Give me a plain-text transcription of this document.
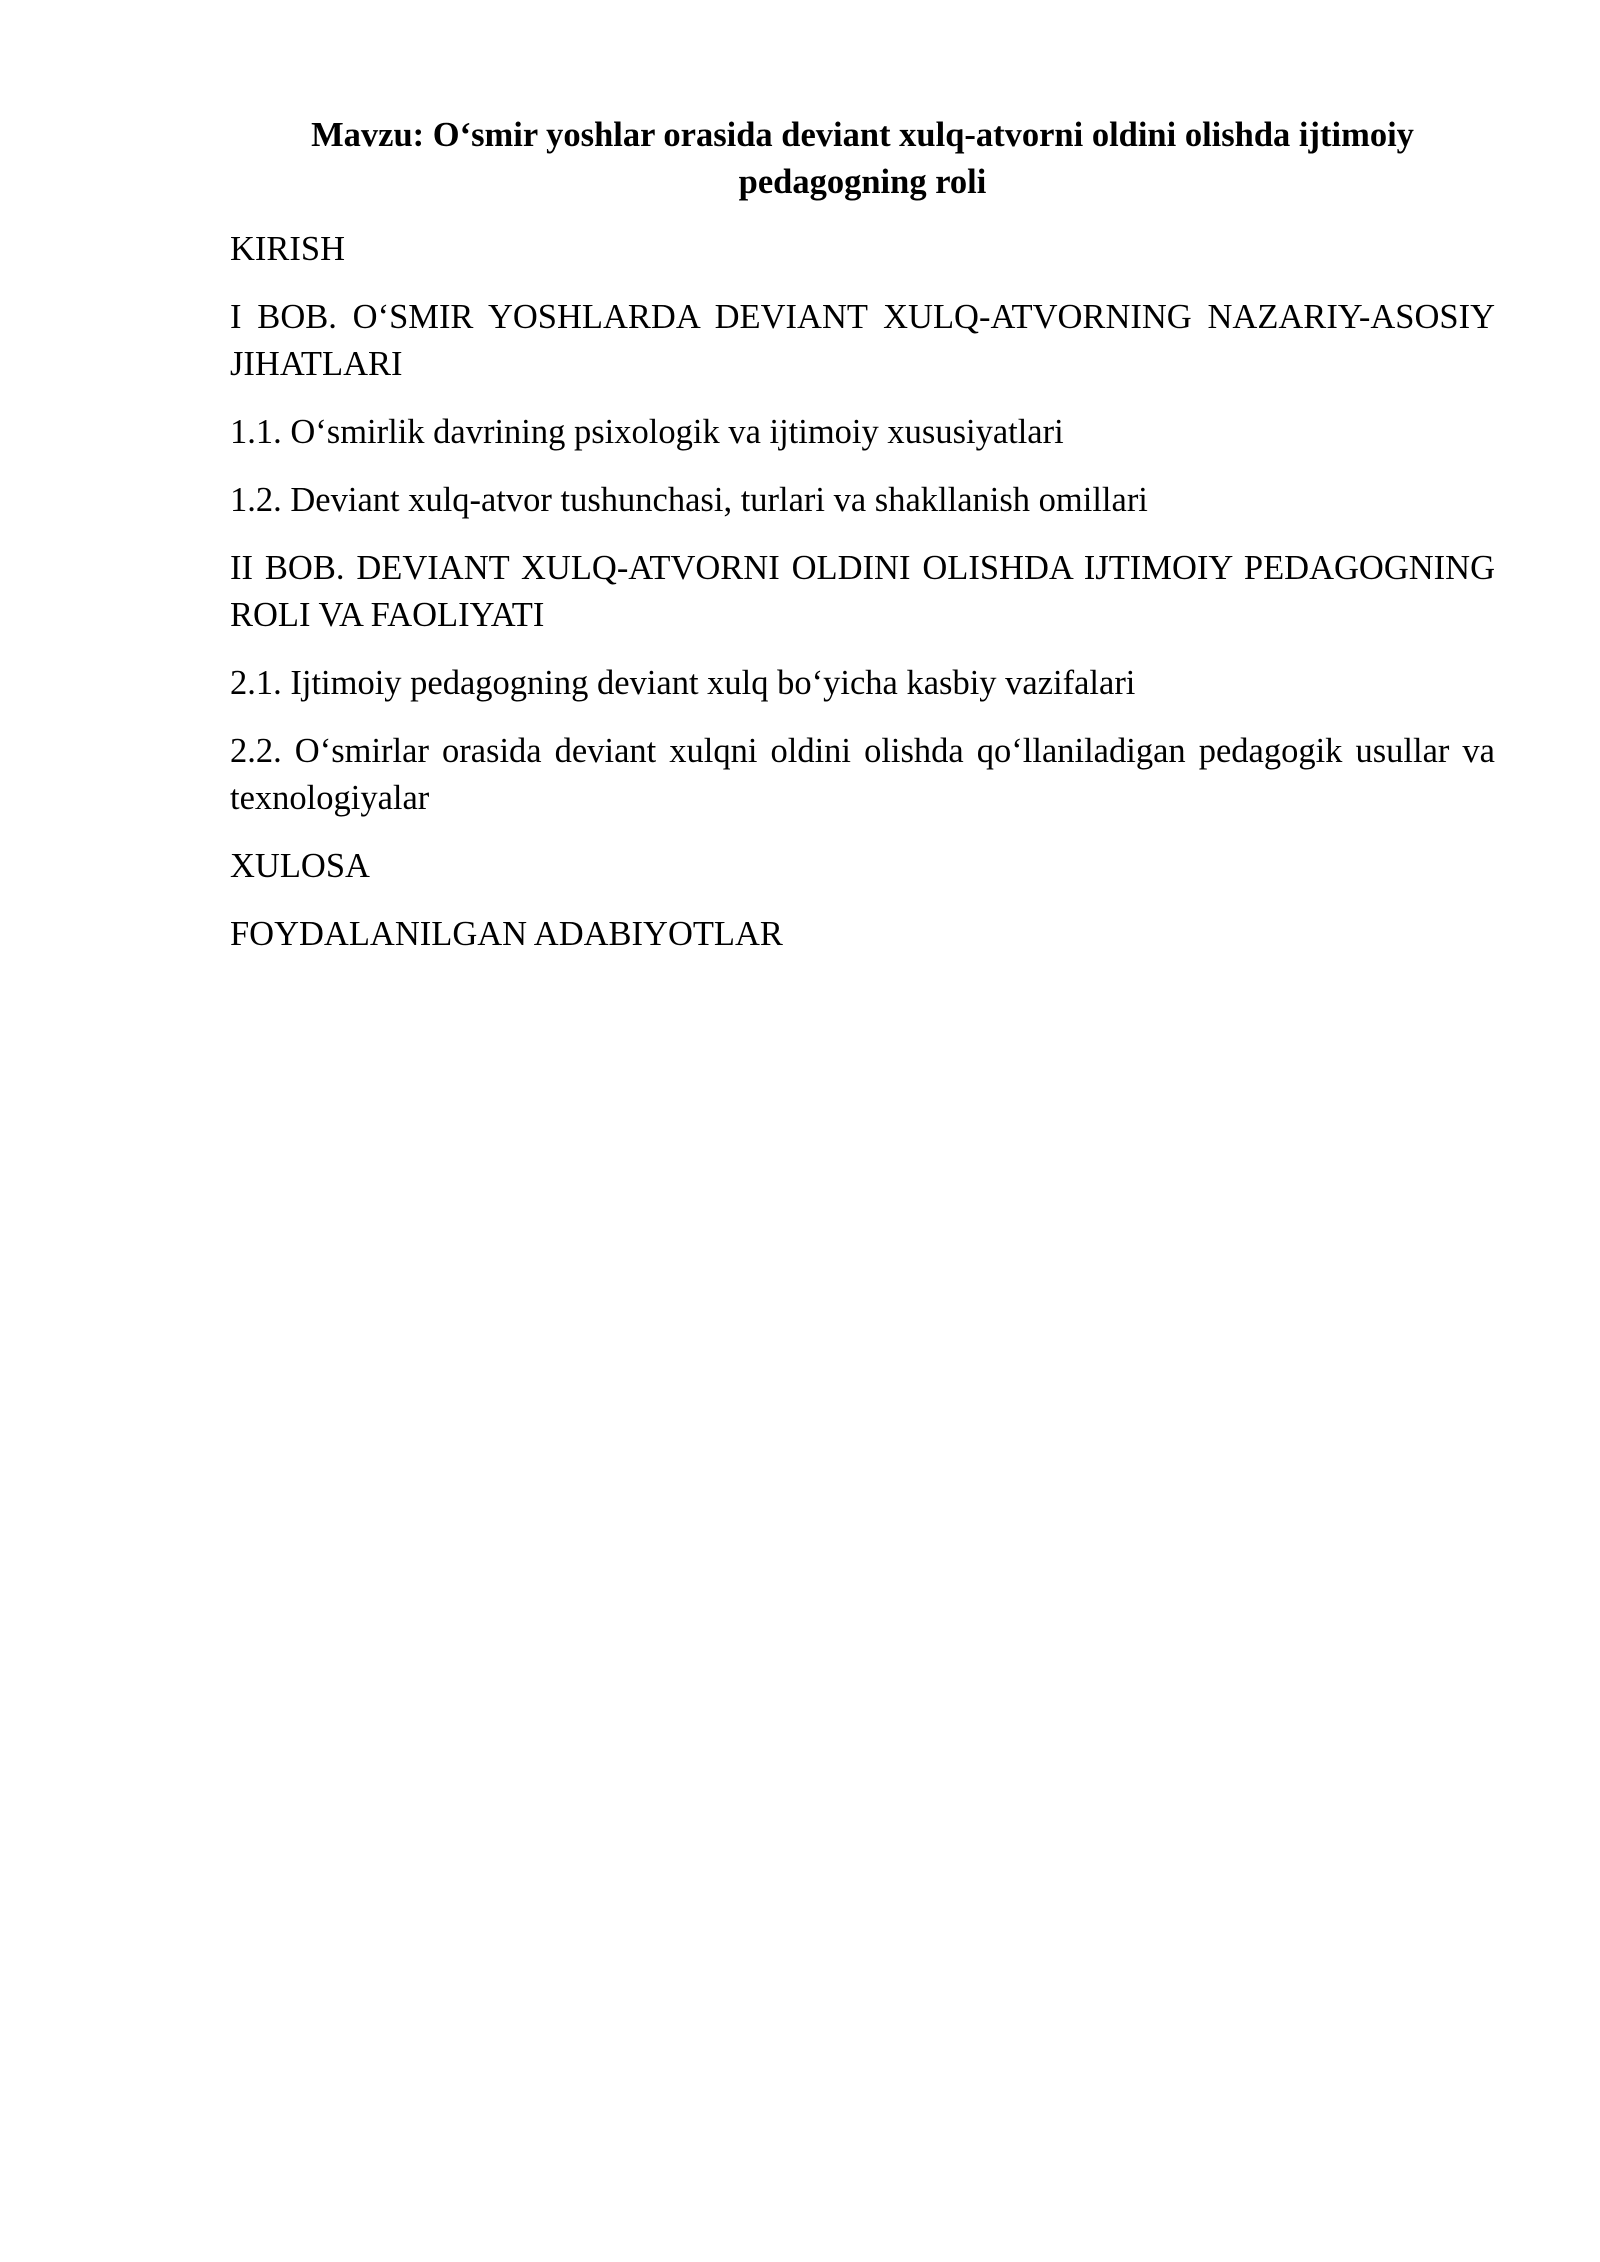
Mavzu: O‘smir yoshlar orasida deviant xulq-atvorni oldini olishda ijtimoiy pedagogning roli
KIRISH
I BOB. O‘SMIR YOSHLARDA DEVIANT XULQ-ATVORNING NAZARIY-ASOSIY JIHATLARI
1.1. O‘smirlik davrining psixologik va ijtimoiy xususiyatlari
1.2. Deviant xulq-atvor tushunchasi, turlari va shakllanish omillari
II BOB. DEVIANT XULQ-ATVORNI OLDINI OLISHDA IJTIMOIY PEDAGOGNING ROLI VA FAOLIYATI
2.1. Ijtimoiy pedagogning deviant xulq bo‘yicha kasbiy vazifalari
2.2. O‘smirlar orasida deviant xulqni oldini olishda qo‘llaniladigan pedagogik usullar va texnologiyalar
XULOSA
FOYDALANILGAN ADABIYOTLAR
